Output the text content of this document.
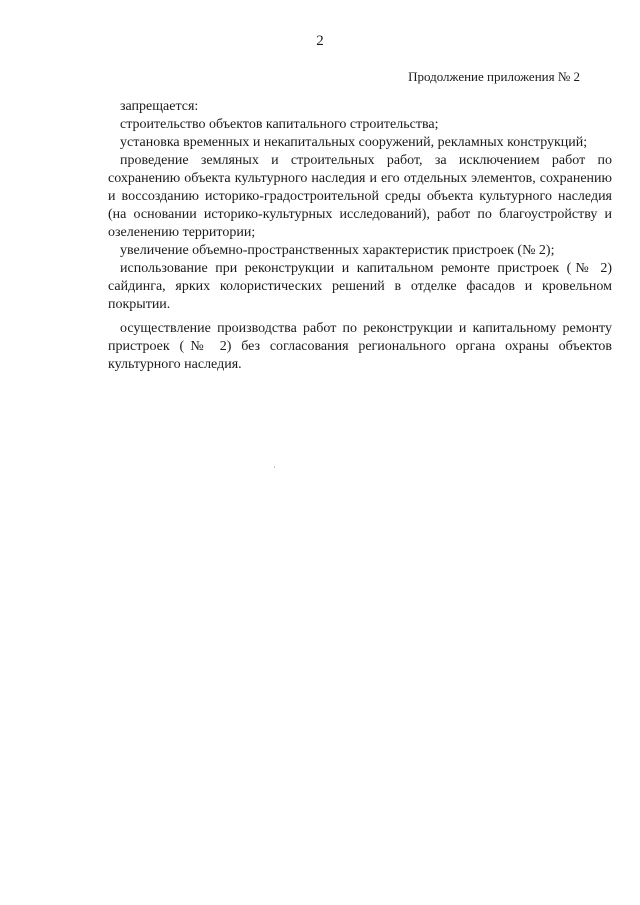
2
Продолжение приложения № 2

запрещается:

строительство объектов капитального строительства;

установка временных и некапитальных сооружений, рекламных конструкций;

проведение земляных и строительных работ, за исключением работ по сохранению объекта культурного наследия и его отдельных элементов, сохранению и воссозданию историко-градостроительной среды объекта культурного наследия (на основании историко-культурных исследований), работ по благоустройству и озеленению территории;

увеличение объемно-пространственных характеристик пристроек (№ 2);

использование при реконструкции и капитальном ремонте пристроек (№ 2) сайдинга, ярких колористических решений в отделке фасадов и кровельном покрытии.

осуществление производства работ по реконструкции и капитальному ремонту пристроек (№ 2) без согласования регионального органа охраны объектов культурного наследия.
